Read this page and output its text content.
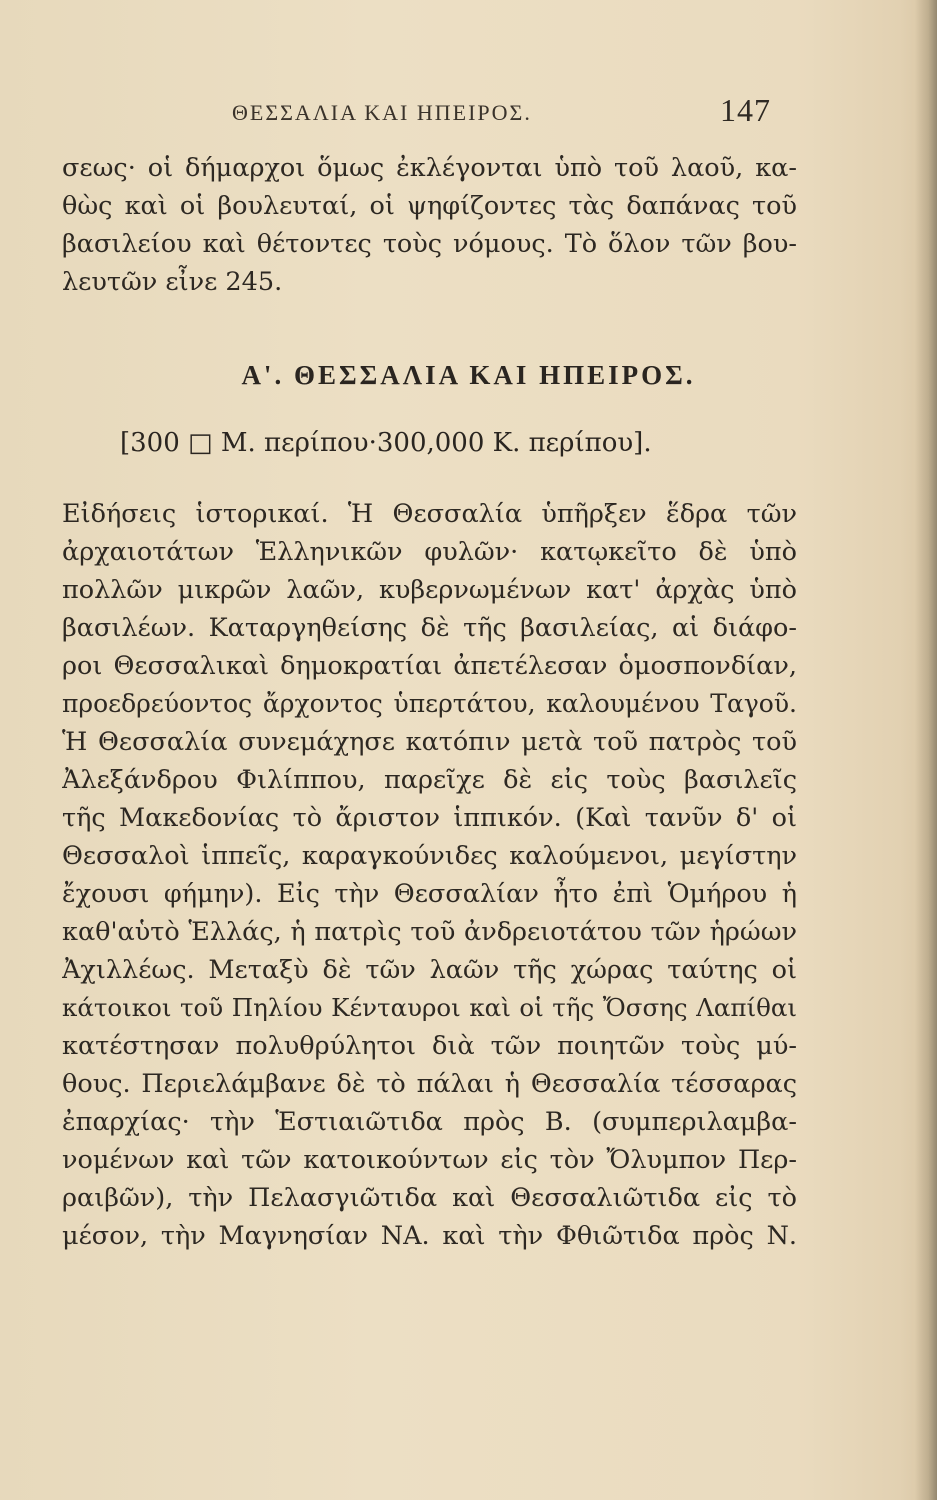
ΘΕΣΣΑΛΙΑ ΚΑΙ ΗΠΕΙΡΟΣ.	147
σεως· οἱ δήμαρχοι ὅμως ἐκλέγονται ὑπὸ τοῦ λαοῦ, κα-
θὼς καὶ οἱ βουλευταί, οἱ ψηφίζοντες τὰς δαπάνας τοῦ
βασιλείου καὶ θέτοντες τοὺς νόμους. Τὸ ὅλον τῶν βου-
λευτῶν εἶνε 245.
Α'. ΘΕΣΣΑΛΙΑ ΚΑΙ ΗΠΕΙΡΟΣ.
[300 □ Μ. περίπου·300,000 Κ. περίπου].
Εἰδήσεις ἱστορικαί. Ἡ Θεσσαλία ὑπῆρξεν ἕδρα τῶν
ἀρχαιοτάτων Ἑλληνικῶν φυλῶν· κατῳκεῖτο δὲ ὑπὸ
πολλῶν μικρῶν λαῶν, κυβερνωμένων κατ' ἀρχὰς ὑπὸ
βασιλέων. Καταργηθείσης δὲ τῆς βασιλείας, αἱ διάφο-
ροι Θεσσαλικαὶ δημοκρατίαι ἀπετέλεσαν ὁμοσπονδίαν,
προεδρεύοντος ἄρχοντος ὑπερτάτου, καλουμένου Ταγοῦ.
Ἡ Θεσσαλία συνεμάχησε κατόπιν μετὰ τοῦ πατρὸς τοῦ
Ἀλεξάνδρου Φιλίππου, παρεῖχε δὲ εἰς τοὺς βασιλεῖς
τῆς Μακεδονίας τὸ ἄριστον ἱππικόν. (Καὶ τανῦν δ' οἱ
Θεσσαλοὶ ἱππεῖς, καραγκούνιδες καλούμενοι, μεγίστην
ἔχουσι φήμην). Εἰς τὴν Θεσσαλίαν ἦτο ἐπὶ Ὁμήρου ἡ
καθ'αὑτὸ Ἑλλάς, ἡ πατρὶς τοῦ ἀνδρειοτάτου τῶν ἡρώων
Ἀχιλλέως. Μεταξὺ δὲ τῶν λαῶν τῆς χώρας ταύτης οἱ
κάτοικοι τοῦ Πηλίου Κένταυροι καὶ οἱ τῆς Ὄσσης Λαπίθαι
κατέστησαν πολυθρύλητοι διὰ τῶν ποιητῶν τοὺς μύ-
θους. Περιελάμβανε δὲ τὸ πάλαι ἡ Θεσσαλία τέσσαρας
ἐπαρχίας· τὴν Ἑστιαιῶτιδα πρὸς Β. (συμπεριλαμβα-
νομένων καὶ τῶν κατοικούντων εἰς τὸν Ὄλυμπον Περ-
ραιβῶν), τὴν Πελασγιῶτιδα καὶ Θεσσαλιῶτιδα εἰς τὸ
μέσον, τὴν Μαγνησίαν ΝΑ. καὶ τὴν Φθιῶτιδα πρὸς Ν.
